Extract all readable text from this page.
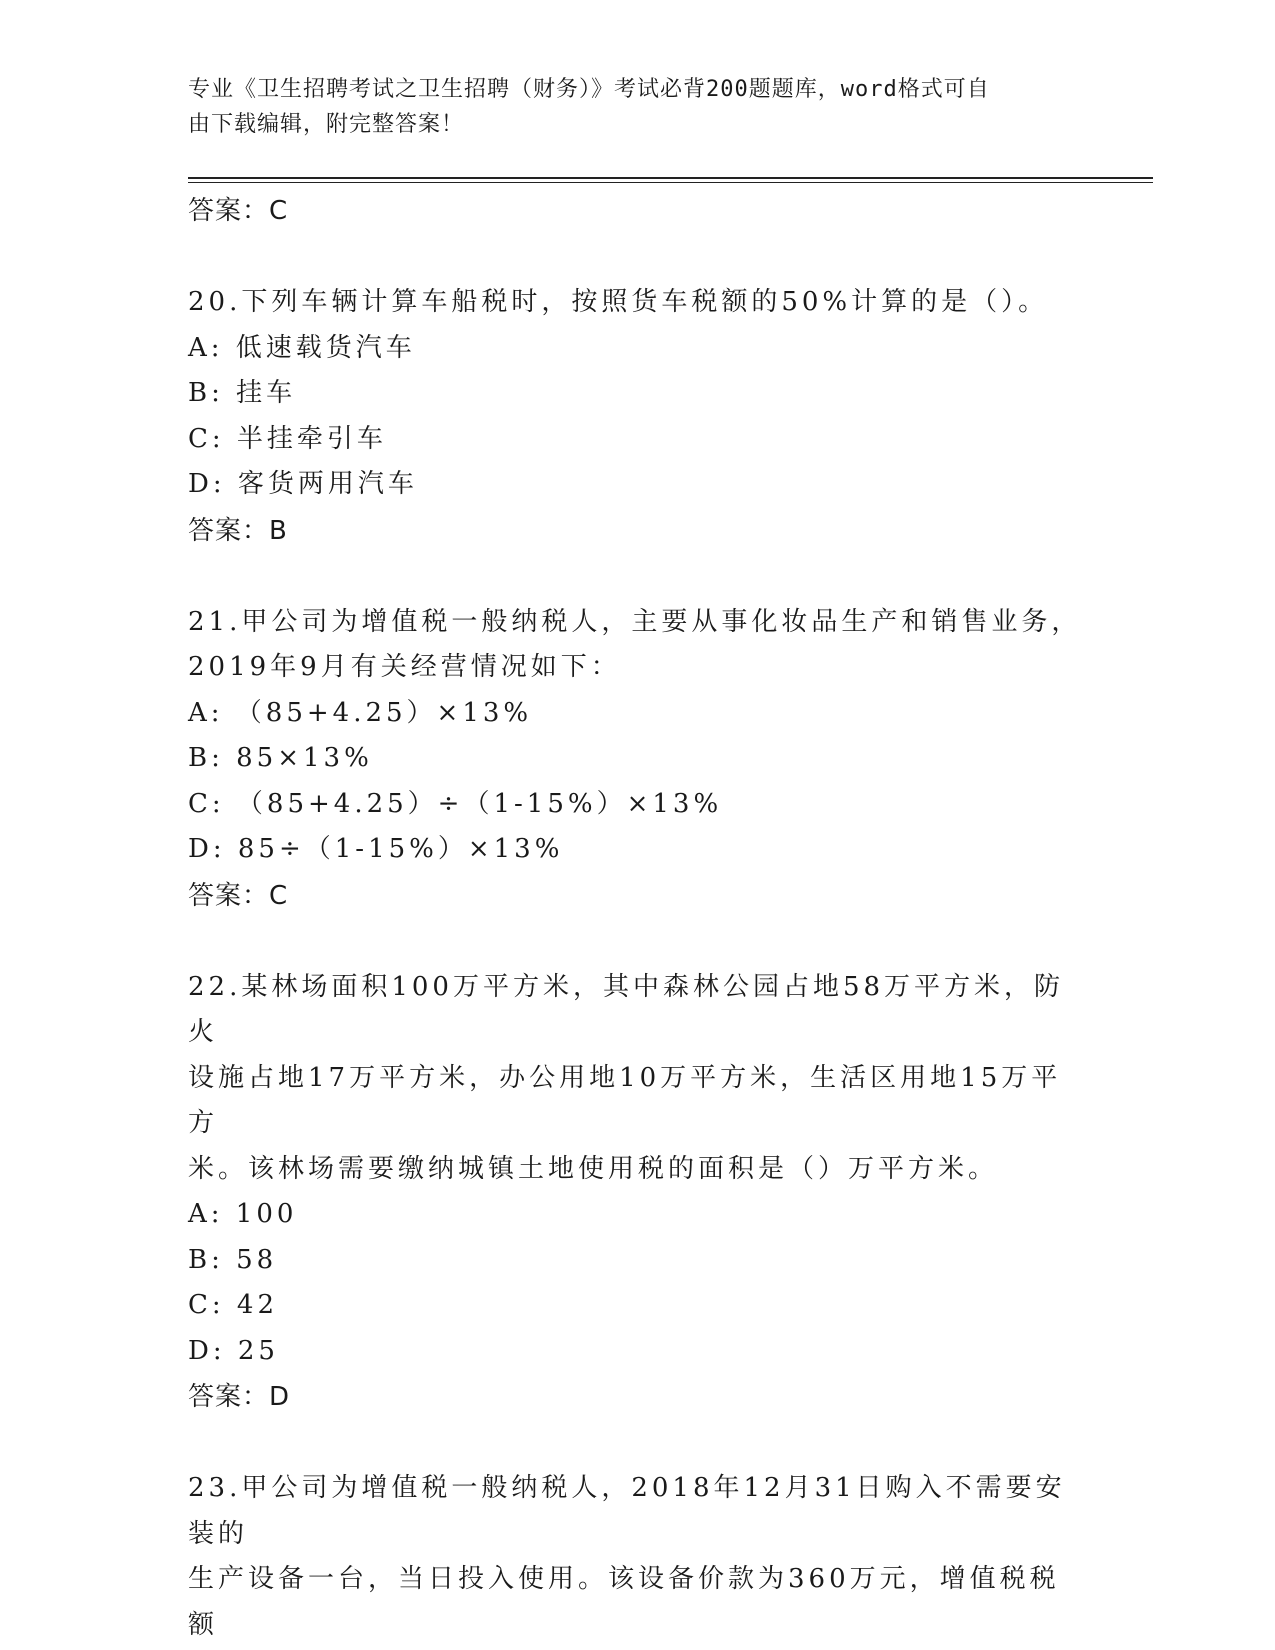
专业《卫生招聘考试之卫生招聘（财务）》考试必背200题题库，word格式可自
由下载编辑，附完整答案！

答案：C

20.下列车辆计算车船税时，按照货车税额的50%计算的是（）。

A: 低速载货汽车

B: 挂车

C: 半挂牵引车

D: 客货两用汽车

答案：B

21.甲公司为增值税一般纳税人，主要从事化妆品生产和销售业务，

2019年9月有关经营情况如下：

A: （85+4.25）×13%

B: 85×13%

C: （85+4.25）÷（1-15%）×13%

D: 85÷（1-15%）×13%

答案：C

22.某林场面积100万平方米，其中森林公园占地58万平方米，防火

设施占地17万平方米，办公用地10万平方米，生活区用地15万平方

米。该林场需要缴纳城镇土地使用税的面积是（）万平方米。

A: 100

B: 58

C: 42

D: 25

答案：D

23.甲公司为增值税一般纳税人，2018年12月31日购入不需要安装的

生产设备一台，当日投入使用。该设备价款为360万元，增值税税额
